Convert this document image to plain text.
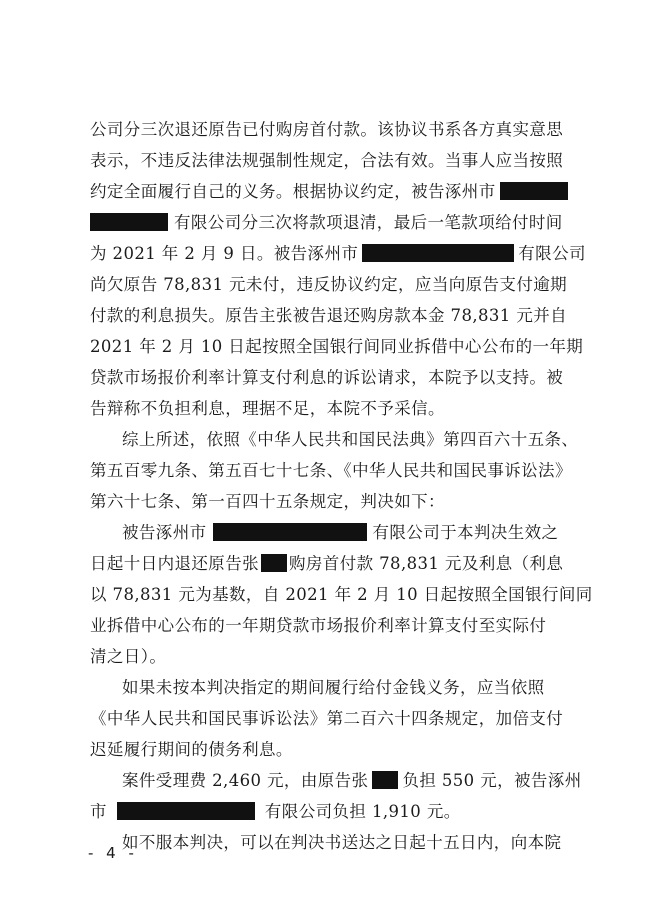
公司分三次退还原告已付购房首付款。该协议书系各方真实意思
表示，不违反法律法规强制性规定，合法有效。当事人应当按照
约定全面履行自己的义务。根据协议约定，被告涿州市
有限公司分三次将款项退清，最后一笔款项给付时间
为 2021 年 2 月 9 日。被告涿州市	有限公司
尚欠原告 78,831 元未付，违反协议约定，应当向原告支付逾期
付款的利息损失。原告主张被告退还购房款本金 78,831 元并自
2021 年 2 月 10 日起按照全国银行间同业拆借中心公布的一年期
贷款市场报价利率计算支付利息的诉讼请求，本院予以支持。被
告辩称不负担利息，理据不足，本院不予采信。
综上所述，依照《中华人民共和国民法典》第四百六十五条、
第五百零九条、第五百七十七条、《中华人民共和国民事诉讼法》
第六十七条、第一百四十五条规定，判决如下：
被告涿州市	有限公司于本判决生效之
日起十日内退还原告张 购房首付款 78,831 元及利息（利息
以 78,831 元为基数，自 2021 年 2 月 10 日起按照全国银行间同
业拆借中心公布的一年期贷款市场报价利率计算支付至实际付
清之日）。
如果未按本判决指定的期间履行给付金钱义务，应当依照
《中华人民共和国民事诉讼法》第二百六十四条规定，加倍支付
迟延履行期间的债务利息。
案件受理费 2,460 元，由原告张 负担 550 元，被告涿州
市	有限公司负担 1,910 元。
- 4 -
如不服本判决，可以在判决书送达之日起十五日内，向本院
